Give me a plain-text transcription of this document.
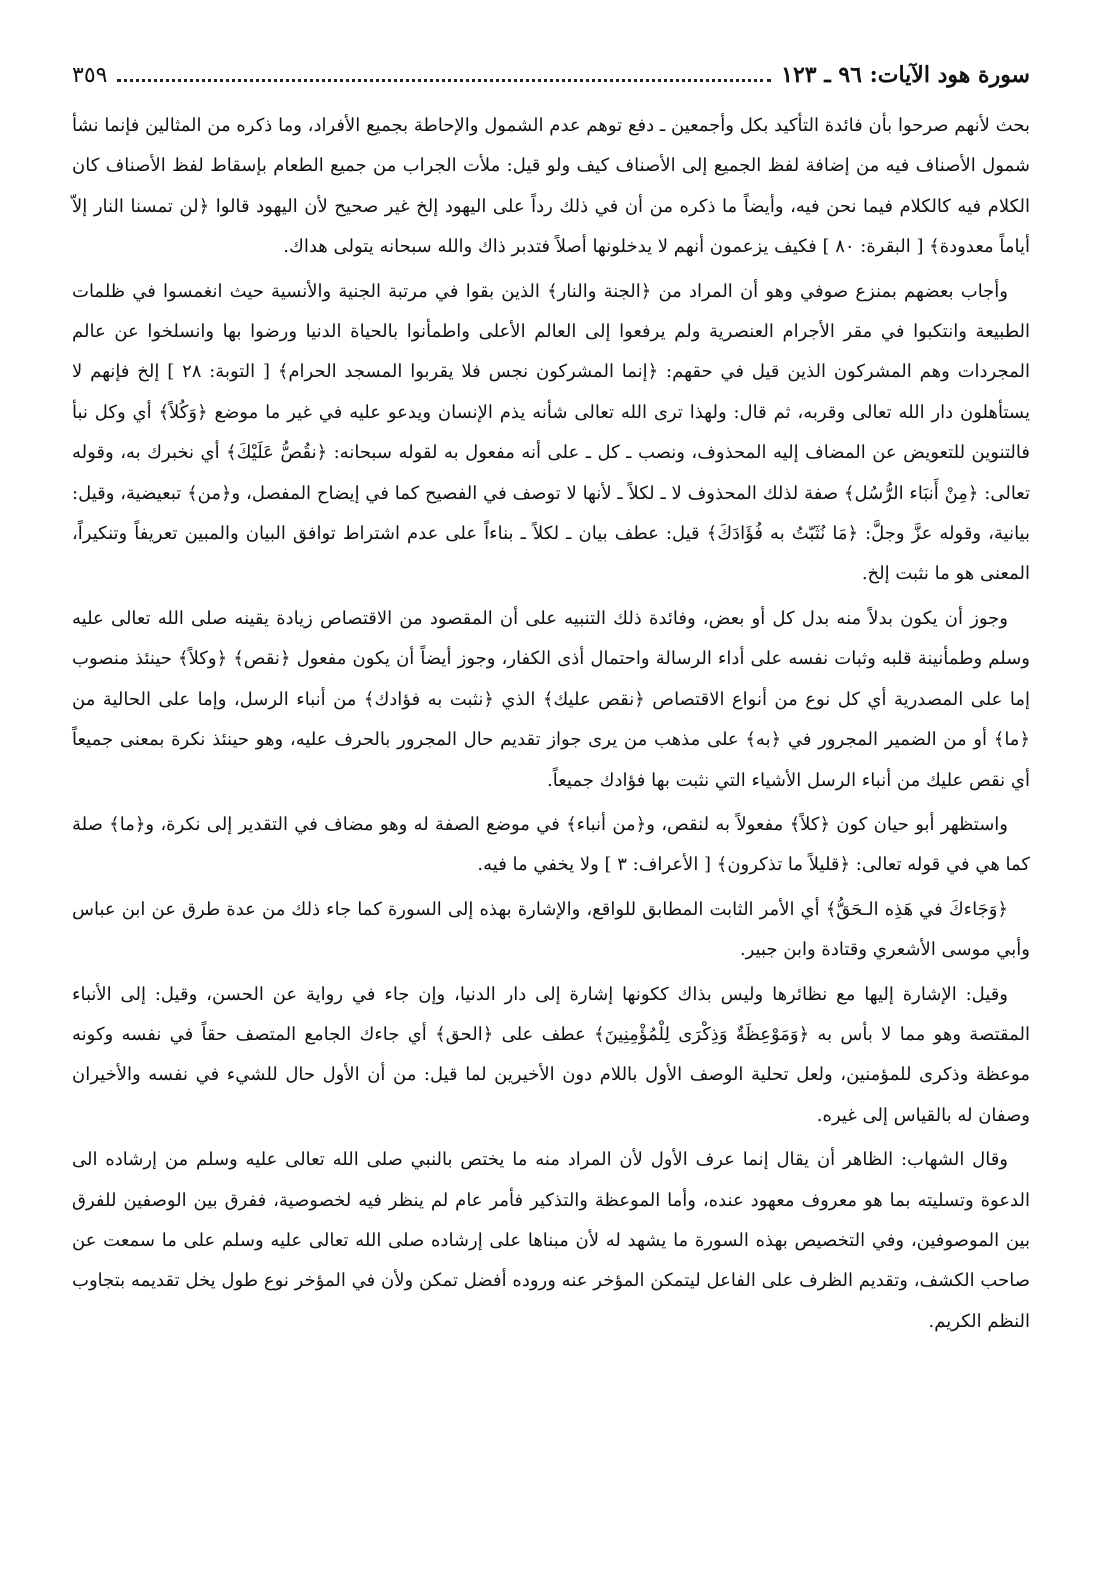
سورة هود الآيات: ٩٦ ـ ١٢٣
٣٥٩

بحث لأنهم صرحوا بأن فائدة التأكيد بكل وأجمعين ـ دفع توهم عدم الشمول والإحاطة بجميع الأفراد، وما ذكره من المثالين فإنما نشأ شمول الأصناف فيه من إضافة لفظ الجميع إلى الأصناف كيف ولو قيل: ملأت الجراب من جميع الطعام بإسقاط لفظ الأصناف كان الكلام فيه كالكلام فيما نحن فيه، وأيضاً ما ذكره من أن في ذلك رداً على اليهود إلخ غير صحيح لأن اليهود قالوا ﴿لن تمسنا النار إلاّ أياماً معدودة﴾ [ البقرة: ٨٠ ] فكيف يزعمون أنهم لا يدخلونها أصلاً فتدبر ذاك والله سبحانه يتولى هداك.

وأجاب بعضهم بمنزع صوفي وهو أن المراد من ﴿الجنة والنار﴾ الذين بقوا في مرتبة الجنية والأنسية حيث انغمسوا في ظلمات الطبيعة وانتكبوا في مقر الأجرام العنصرية ولم يرفعوا إلى العالم الأعلى واطمأنوا بالحياة الدنيا ورضوا بها وانسلخوا عن عالم المجردات وهم المشركون الذين قيل في حقهم: ﴿إنما المشركون نجس فلا يقربوا المسجد الحرام﴾ [ التوبة: ٢٨ ] إلخ فإنهم لا يستأهلون دار الله تعالى وقربه، ثم قال: ولهذا ترى الله تعالى شأنه يذم الإنسان ويدعو عليه في غير ما موضع ﴿وَكُلاً﴾ أي وكل نبأ فالتنوين للتعويض عن المضاف إليه المحذوف، ونصب ـ كل ـ على أنه مفعول به لقوله سبحانه: ﴿نقُصُّ عَلَيْكَ﴾ أي نخبرك به، وقوله تعالى: ﴿مِنْ أَنبَاء الرُّسُل﴾ صفة لذلك المحذوف لا ـ لكلاً ـ لأنها لا توصف في الفصيح كما في إيضاح المفصل، و﴿من﴾ تبعيضية، وقيل: بيانية، وقوله عزَّ وجلَّ: ﴿مَا نُثَبّتُ به فُؤَادَكَ﴾ قيل: عطف بيان ـ لكلاً ـ بناءاً على عدم اشتراط توافق البيان والمبين تعريفاً وتنكيراً، المعنى هو ما نثبت إلخ.

وجوز أن يكون بدلاً منه بدل كل أو بعض، وفائدة ذلك التنبيه على أن المقصود من الاقتصاص زيادة يقينه صلى الله تعالى عليه وسلم وطمأنينة قلبه وثبات نفسه على أداء الرسالة واحتمال أذى الكفار، وجوز أيضاً أن يكون مفعول ﴿نقص﴾ ﴿وكلاً﴾ حينئذ منصوب إما على المصدرية أي كل نوع من أنواع الاقتصاص ﴿نقص عليك﴾ الذي ﴿نثبت به فؤادك﴾ من أنباء الرسل، وإما على الحالية من ﴿ما﴾ أو من الضمير المجرور في ﴿به﴾ على مذهب من يرى جواز تقديم حال المجرور بالحرف عليه، وهو حينئذ نكرة بمعنى جميعاً أي نقص عليك من أنباء الرسل الأشياء التي نثبت بها فؤادك جميعاً.

واستظهر أبو حيان كون ﴿كلاً﴾ مفعولاً به لنقص، و﴿من أنباء﴾ في موضع الصفة له وهو مضاف في التقدير إلى نكرة، و﴿ما﴾ صلة كما هي في قوله تعالى: ﴿قليلاً ما تذكرون﴾ [ الأعراف: ٣ ] ولا يخفي ما فيه.

﴿وَجَاءكَ في هَذِه الـحَقُّ﴾ أي الأمر الثابت المطابق للواقع، والإشارة بهذه إلى السورة كما جاء ذلك من عدة طرق عن ابن عباس وأبي موسى الأشعري وقتادة وابن جبير.

وقيل: الإشارة إليها مع نظائرها وليس بذاك ككونها إشارة إلى دار الدنيا، وإن جاء في رواية عن الحسن، وقيل: إلى الأنباء المقتصة وهو مما لا بأس به ﴿وَمَوْعِظَةٌ وَذِكْرَى لِلْمُؤْمِنِينَ﴾ عطف على ﴿الحق﴾ أي جاءك الجامع المتصف حقاً في نفسه وكونه موعظة وذكرى للمؤمنين، ولعل تحلية الوصف الأول باللام دون الأخيرين لما قيل: من أن الأول حال للشيء في نفسه والأخيران وصفان له بالقياس إلى غيره.

وقال الشهاب: الظاهر أن يقال إنما عرف الأول لأن المراد منه ما يختص بالنبي صلى الله تعالى عليه وسلم من إرشاده الى الدعوة وتسليته بما هو معروف معهود عنده، وأما الموعظة والتذكير فأمر عام لم ينظر فيه لخصوصية، ففرق بين الوصفين للفرق بين الموصوفين، وفي التخصيص بهذه السورة ما يشهد له لأن مبناها على إرشاده صلى الله تعالى عليه وسلم على ما سمعت عن صاحب الكشف، وتقديم الظرف على الفاعل ليتمكن المؤخر عنه وروده أفضل تمكن ولأن في المؤخر نوع طول يخل تقديمه بتجاوب النظم الكريم.
